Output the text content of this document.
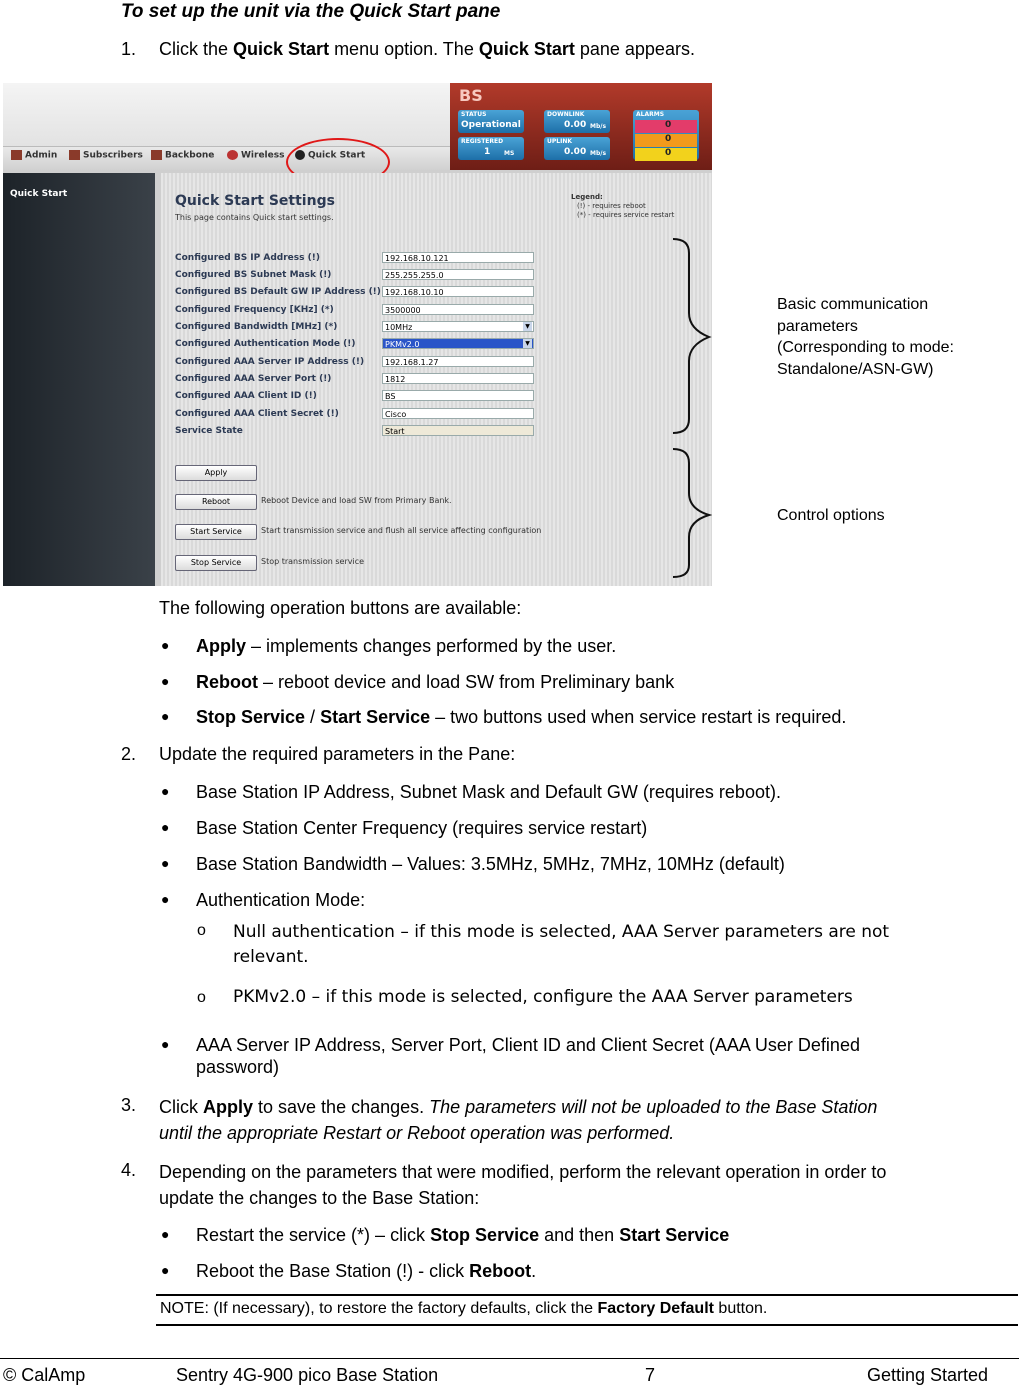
To set up the unit via the Quick Start pane
1. Click the Quick Start menu option. The Quick Start pane appears.
Admin	Subscribers	Backbone	Wireless	Quick Start
BS
STATUS
Operational
REGISTERED
1 MS
DOWNLINK
0.00 Mb/s
UPLINK
0.00 Mb/s
ALARMS
0
0
0
Quick Start	Quick Start Settings
This page contains Quick start settings.
Legend:
(!) - requires reboot
(*) - requires service restart
Configured BS IP Address (!)	192.168.10.121
Configured BS Subnet Mask (!)	255.255.255.0
Configured BS Default GW IP Address (!) 192.168.10.10
Configured Frequency [KHz] (*)	3500000
Configured Bandwidth [MHz] (*)	10MHz	▼
Configured Authentication Mode (!)	PKMv2.0	▼
Configured AAA Server IP Address (!)	192.168.1.27
Configured AAA Server Port (!)	1812
Configured AAA Client ID (!)	BS
Configured AAA Client Secret (!)	Cisco
Service State	Start
Apply
Reboot	Reboot Device and load SW from Primary Bank.
Start Service	Start transmission service and flush all service affecting configuration
Stop Service	Stop transmission service
Basic communication
parameters
(Corresponding to mode:
Standalone/ASN-GW)
Control options
The following operation buttons are available:
● Apply – implements changes performed by the user.
● Reboot – reboot device and load SW from Preliminary bank
● Stop Service / Start Service – two buttons used when service restart is required.
2. Update the required parameters in the Pane:
● Base Station IP Address, Subnet Mask and Default GW (requires reboot).
● Base Station Center Frequency (requires service restart)
● Base Station Bandwidth – Values: 3.5MHz, 5MHz, 7MHz, 10MHz (default)
● Authentication Mode:
o Null authentication – if this mode is selected, AAA Server parameters are not
relevant.
o PKMv2.0 – if this mode is selected, configure the AAA Server parameters
● AAA Server IP Address, Server Port, Client ID and Client Secret (AAA User Defined
password)
3. Click Apply to save the changes. The parameters will not be uploaded to the Base Station
until the appropriate Restart or Reboot operation was performed.
4. Depending on the parameters that were modified, perform the relevant operation in order to
update the changes to the Base Station:
● Restart the service (*) – click Stop Service and then Start Service
● Reboot the Base Station (!) - click Reboot.
NOTE: (If necessary), to restore the factory defaults, click the Factory Default button.
© CalAmp	Sentry 4G-900 pico Base Station	7	Getting Started
